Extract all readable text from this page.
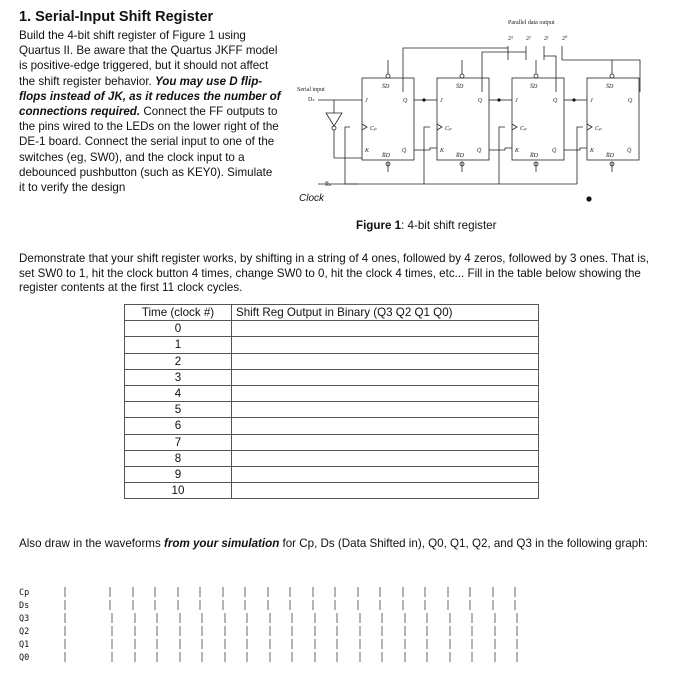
1. Serial-Input Shift Register
Build the 4-bit shift register of Figure 1 using Quartus II. Be aware that the Quartus JKFF model is positive-edge triggered, but it should not affect the shift register behavior. You may use D flip-flops instead of JK, as it reduces the number of connections required. Connect the FF outputs to the pins wired to the LEDs on the lower right of the DE-1 board. Connect the serial input to one of the switches (eg, SW0), and the clock input to a debounced pushbutton (such as KEY0). Simulate it to verify the design
Parallel data output
2³ 2² 2¹ 2⁰
Serial input
Dₛ
R̅ₙ
J	Q
Cₚ
K	Q̄
S̅D
R̅D
J	Q
Cₚ
K	Q̄
S̅D
R̅D
J	Q
Cₚ
K	Q̄
S̅D
R̅D
J	Q
Cₚ
K	Q̄
S̅D
R̅D
Clock
Figure 1: 4-bit shift register
Demonstrate that your shift register works, by shifting in a string of 4 ones, followed by 4 zeros, followed by 3 ones. That is, set SW0 to 1, hit the clock button 4 times, change SW0 to 0, hit the clock 4 times, etc... Fill in the table below showing the register contents at the first 11 clock cycles.
Time (clock #)	Shift Reg Output in Binary (Q3 Q2 Q1 Q0)
0	
1	
2	
3	
4	
5	
6	
7	
8	
9	
10	
Also draw in the waveforms from your simulation for Cp, Ds (Data Shifted in), Q0, Q1, Q2, and Q3 in the following graph:
Cp
Ds
Q3
Q2
Q1
Q0
